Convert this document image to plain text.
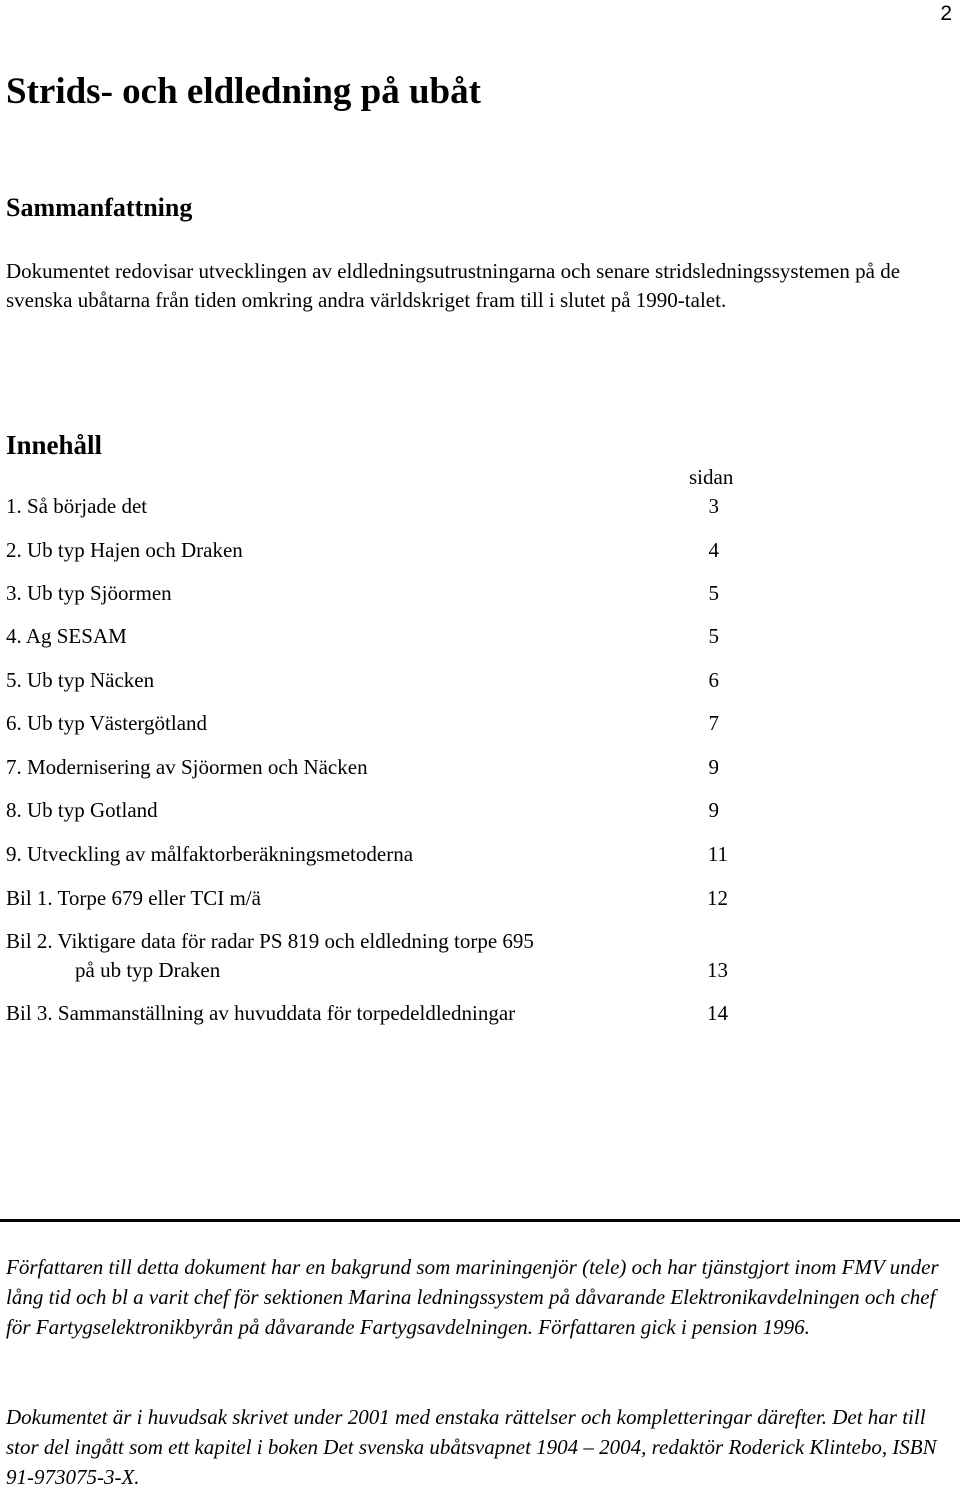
2
Strids- och eldledning på ubåt
Sammanfattning

Dokumentet redovisar utvecklingen av eldledningsutrustningarna och senare stridsledningssystemen på de svenska ubåtarna från tiden omkring andra världskriget fram till i slutet på 1990-talet.

Innehåll
sidan
1. Så började det	3
2. Ub typ Hajen och Draken	4
3. Ub typ Sjöormen	5
4. Ag SESAM	5
5. Ub typ Näcken	6
6. Ub typ Västergötland	7
7. Modernisering av Sjöormen och Näcken	9
8. Ub typ Gotland	9
9. Utveckling av målfaktorberäkningsmetoderna	11
Bil 1. Torpe 679 eller TCI m/ä	12
Bil 2. Viktigare data för radar PS 819 och eldledning torpe 695
på ub typ Draken	13
Bil 3. Sammanställning av huvuddata för torpedeldledningar	14

Författaren till detta dokument har en bakgrund som mariningenjör (tele) och har tjänstgjort inom FMV under lång tid och bl a varit chef för sektionen Marina ledningssystem på dåvarande Elektronikavdelningen och chef för Fartygselektronikbyrån på dåvarande Fartygsavdelningen. Författaren gick i pension 1996.

Dokumentet är i huvudsak skrivet under 2001 med enstaka rättelser och kompletteringar därefter. Det har till stor del ingått som ett kapitel i boken Det svenska ubåtsvapnet 1904 – 2004, redaktör Roderick Klintebo, ISBN 91-973075-3-X.
